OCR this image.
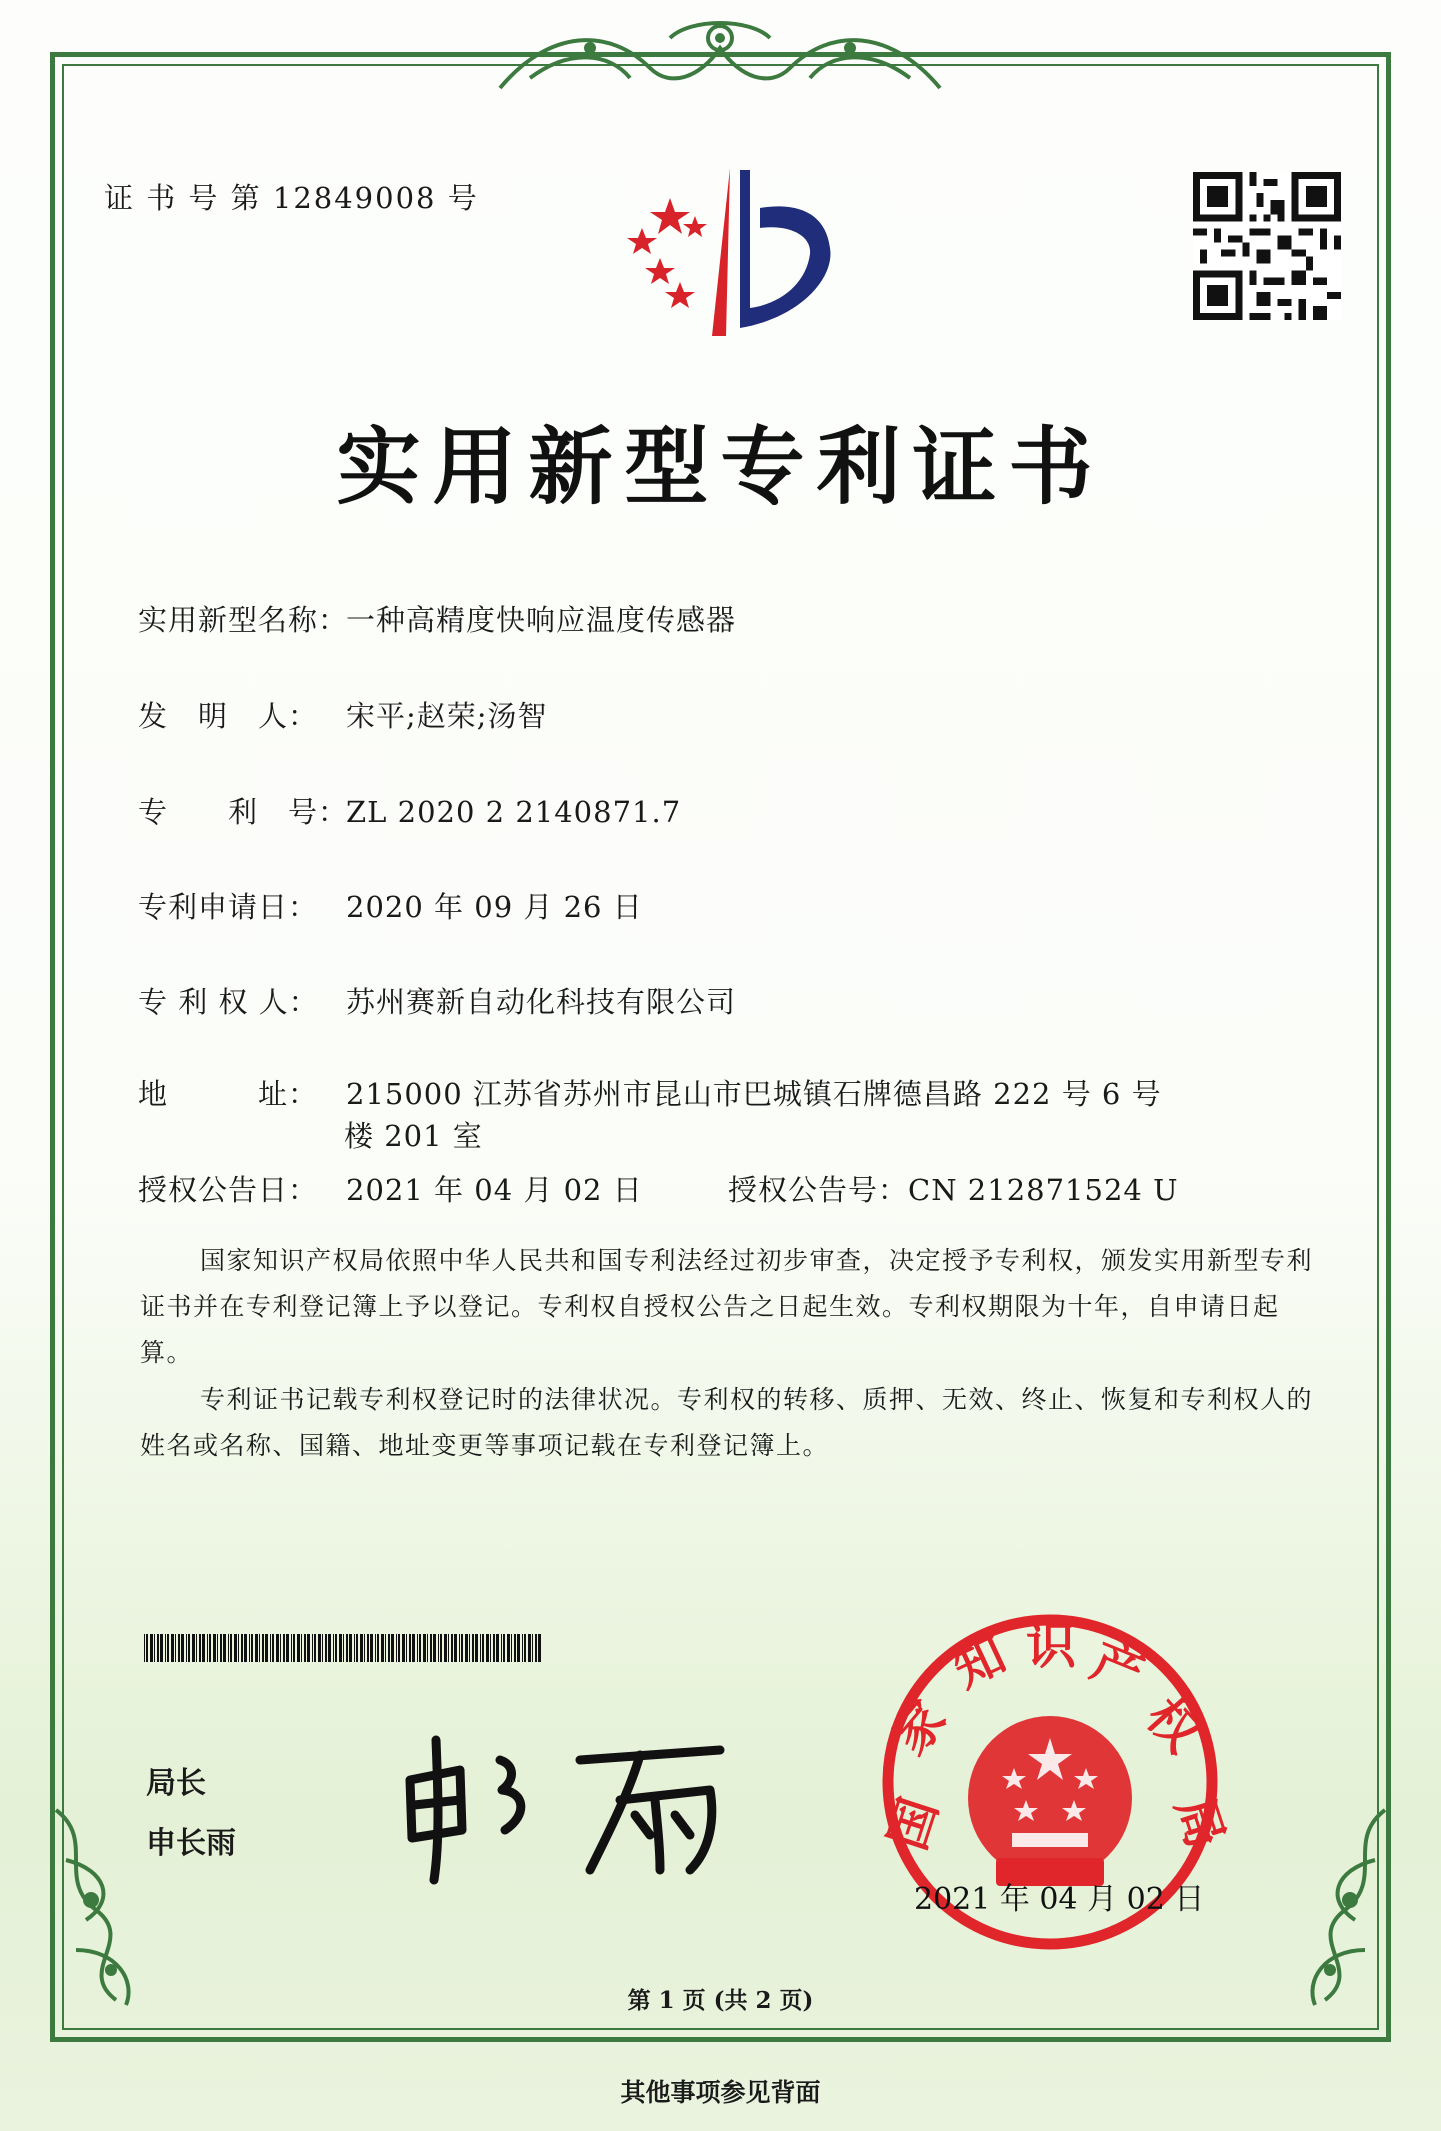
证 书 号 第 12849008 号
实用新型专利证书
实用新型名称：一种高精度快响应温度传感器
发　明　人： 宋平;赵荣;汤智
专　　利　号：ZL 2020 2 2140871.7
专利申请日： 2020 年 09 月 26 日
专 利 权 人： 苏州赛新自动化科技有限公司
地　　　址： 215000 江苏省苏州市昆山市巴城镇石牌德昌路 222 号 6 号
楼 201 室
授权公告日： 2021 年 04 月 02 日	授权公告号：CN 212871524 U
国家知识产权局依照中华人民共和国专利法经过初步审查，决定授予专利权，颁发实用新型专利证书并在专利登记簿上予以登记。专利权自授权公告之日起生效。专利权期限为十年，自申请日起算。
专利证书记载专利权登记时的法律状况。专利权的转移、质押、无效、终止、恢复和专利权人的姓名或名称、国籍、地址变更等事项记载在专利登记簿上。
局长
申长雨	国
家
知 识 产
权
局
2021 年 04 月 02 日
第 1 页 (共 2 页)
其他事项参见背面
